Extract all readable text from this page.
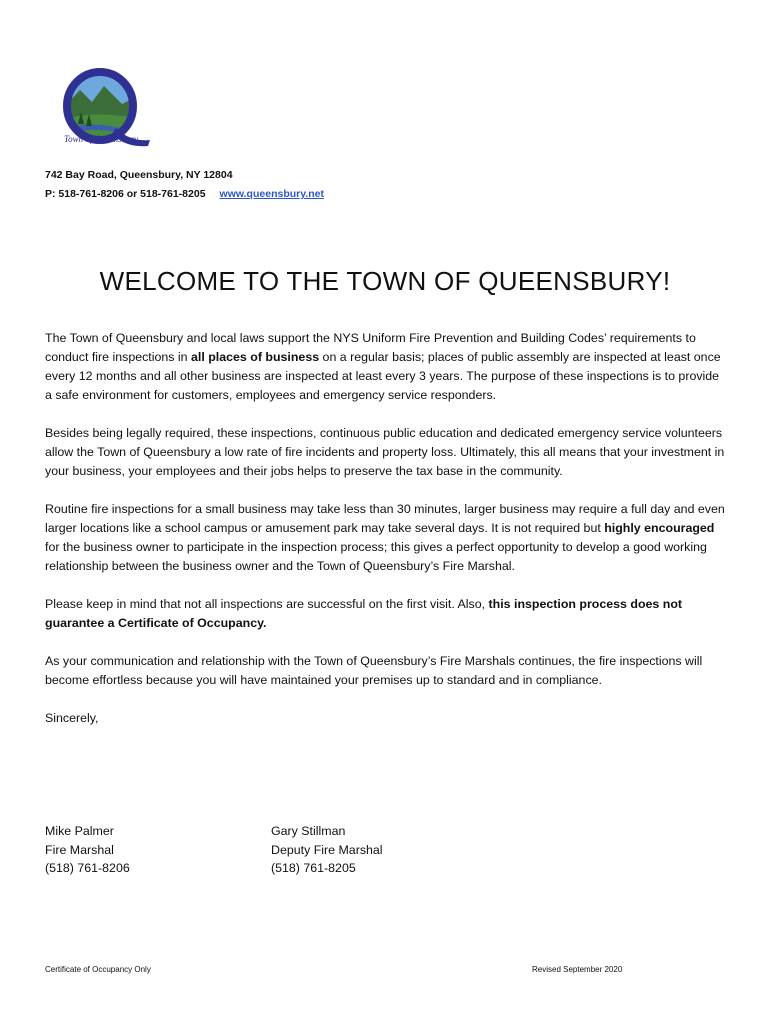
Town of Queensbury
742 Bay Road, Queensbury, NY 12804
P: 518-761-8206 or 518-761-8205 www.queensbury.net
WELCOME TO THE TOWN OF QUEENSBURY!

The Town of Queensbury and local laws support the NYS Uniform Fire Prevention and Building Codes’ requirements to conduct fire inspections in all places of business on a regular basis; places of public assembly are inspected at least once every 12 months and all other business are inspected at least every 3 years. The purpose of these inspections is to provide a safe environment for customers, employees and emergency service responders.

Besides being legally required, these inspections, continuous public education and dedicated emergency service volunteers allow the Town of Queensbury a low rate of fire incidents and property loss. Ultimately, this all means that your investment in your business, your employees and their jobs helps to preserve the tax base in the community.

Routine fire inspections for a small business may take less than 30 minutes, larger business may require a full day and even larger locations like a school campus or amusement park may take several days. It is not required but highly encouraged for the business owner to participate in the inspection process; this gives a perfect opportunity to develop a good working relationship between the business owner and the Town of Queensbury’s Fire Marshal.

Please keep in mind that not all inspections are successful on the first visit. Also, this inspection process does not guarantee a Certificate of Occupancy.

As your communication and relationship with the Town of Queensbury’s Fire Marshals continues, the fire inspections will become effortless because you will have maintained your premises up to standard and in compliance.

Sincerely,

Mike Palmer
Fire Marshal
(518) 761-8206
Gary Stillman
Deputy Fire Marshal
(518) 761-8205
Certificate of Occupancy Only	Revised September 2020
